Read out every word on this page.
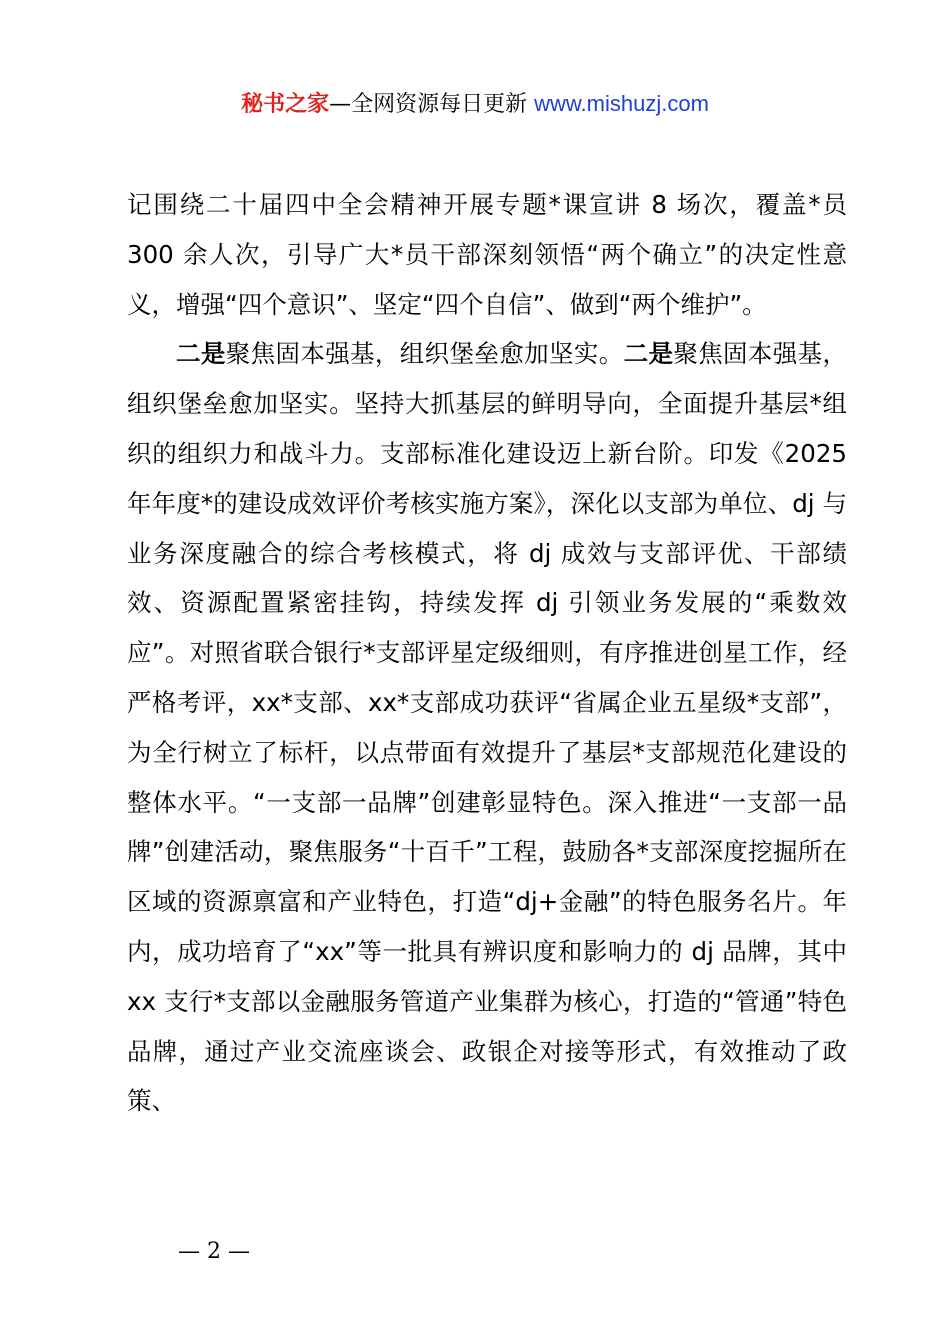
秘书之家—全网资源每日更新 www.mishuzj.com

记围绕二十届四中全会精神开展专题*课宣讲 8 场次，覆盖*员 300 余人次，引导广大*员干部深刻领悟“两个确立”的决定性意义，增强“四个意识”、坚定“四个自信”、做到“两个维护”。

二是聚焦固本强基，组织堡垒愈加坚实。二是聚焦固本强基，组织堡垒愈加坚实。坚持大抓基层的鲜明导向，全面提升基层*组织的组织力和战斗力。支部标准化建设迈上新台阶。印发《2025 年年度*的建设成效评价考核实施方案》，深化以支部为单位、dj 与业务深度融合的综合考核模式，将 dj 成效与支部评优、干部绩效、资源配置紧密挂钩，持续发挥 dj 引领业务发展的“乘数效应”。对照省联合银行*支部评星定级细则，有序推进创星工作，经严格考评，xx*支部、xx*支部成功获评“省属企业五星级*支部”，为全行树立了标杆，以点带面有效提升了基层*支部规范化建设的整体水平。“一支部一品牌”创建彰显特色。深入推进“一支部一品牌”创建活动，聚焦服务“十百千”工程，鼓励各*支部深度挖掘所在区域的资源禀富和产业特色，打造“dj+金融”的特色服务名片。年内，成功培育了“xx”等一批具有辨识度和影响力的 dj 品牌，其中 xx 支行*支部以金融服务管道产业集群为核心，打造的“管通”特色品牌，通过产业交流座谈会、政银企对接等形式，有效推动了政策、

— 2 —
